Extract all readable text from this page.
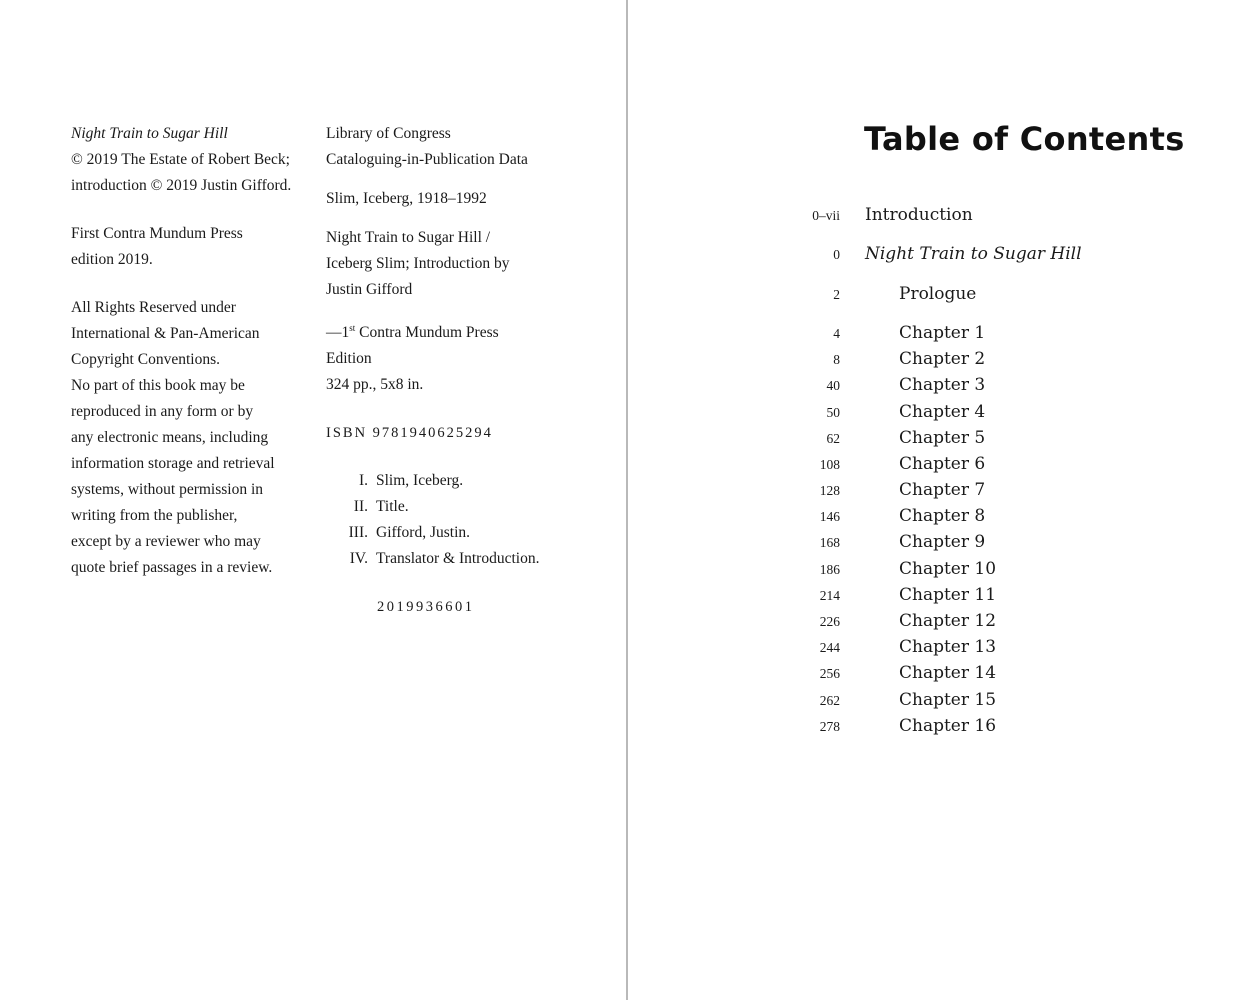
Night Train to Sugar Hill

© 2019 The Estate of Robert Beck;

introduction © 2019 Justin Gifford.

First Contra Mundum Press

edition 2019.

All Rights Reserved under

International & Pan-American

Copyright Conventions.

No part of this book may be

reproduced in any form or by

any electronic means, including

information storage and retrieval

systems, without permission in

writing from the publisher,

except by a reviewer who may

quote brief passages in a review.

Library of Congress

Cataloguing-in-Publication Data

Slim, Iceberg, 1918–1992

Night Train to Sugar Hill /

Iceberg Slim; Introduction by

Justin Gifford

—1st Contra Mundum Press

Edition

324 pp., 5x8 in.

ISBN 9781940625294

I. Slim, Iceberg.
II. Title.
III. Gifford, Justin.
IV. Translator & Introduction.

2019936601

Table of Contents
0–vii Introduction
0 Night Train to Sugar Hill
2	Prologue
4	Chapter 1
8	Chapter 2
40	Chapter 3
50	Chapter 4
62	Chapter 5
108	Chapter 6
128	Chapter 7
146	Chapter 8
168	Chapter 9
186	Chapter 10
214	Chapter 11
226	Chapter 12
244	Chapter 13
256	Chapter 14
262	Chapter 15
278	Chapter 16
